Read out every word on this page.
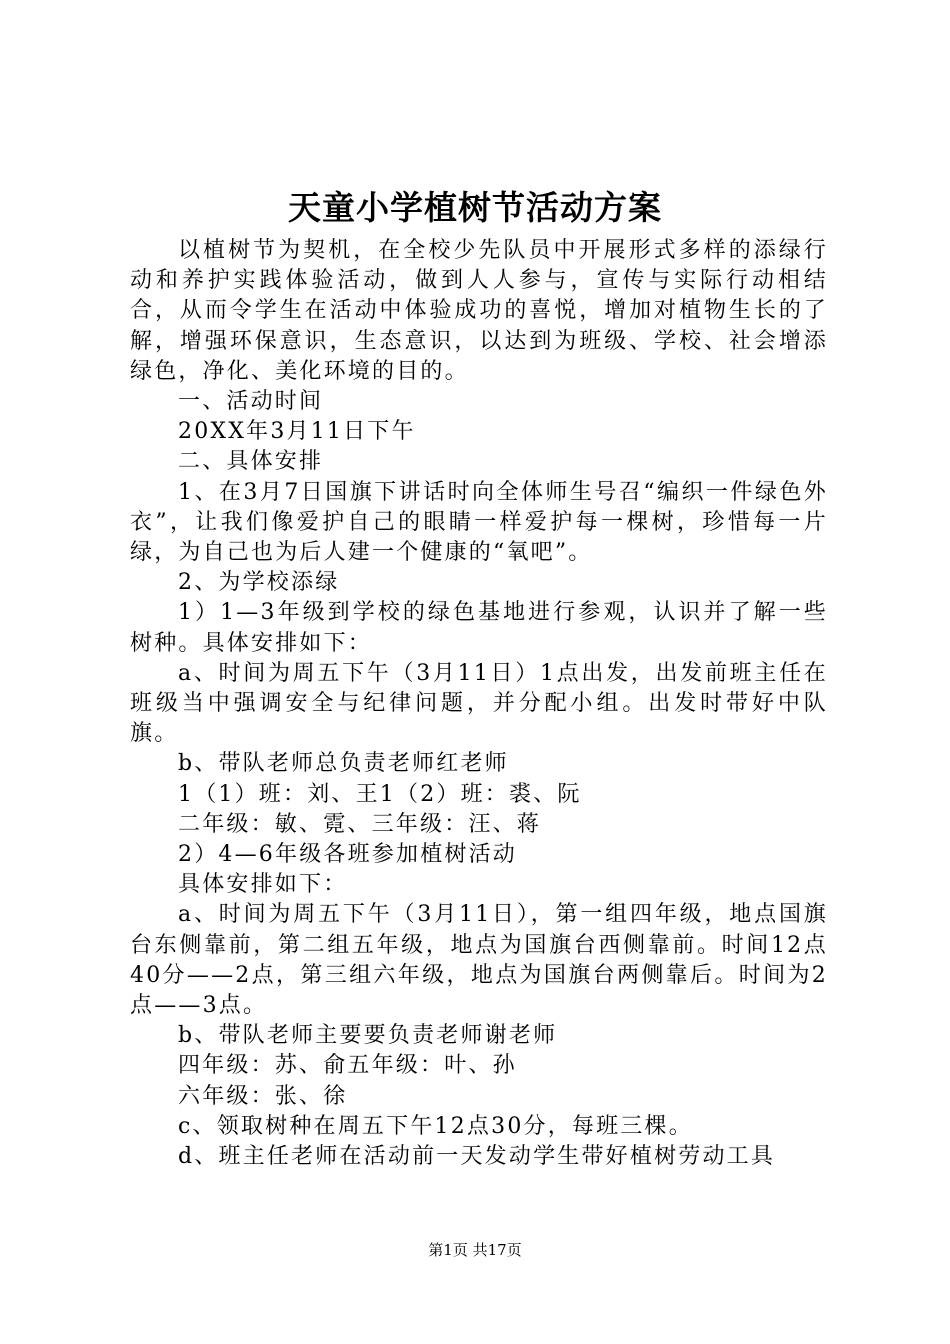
天童小学植树节活动方案

以植树节为契机，在全校少先队员中开展形式多样的添绿行动和养护实践体验活动，做到人人参与，宣传与实际行动相结合，从而令学生在活动中体验成功的喜悦，增加对植物生长的了解，增强环保意识，生态意识，以达到为班级、学校、社会增添绿色，净化、美化环境的目的。

一、活动时间

20XX年3月11日下午

二、具体安排

1、在3月7日国旗下讲话时向全体师生号召“编织一件绿色外衣”，让我们像爱护自己的眼睛一样爱护每一棵树，珍惜每一片绿，为自己也为后人建一个健康的“氧吧”。

2、为学校添绿

1）1—3年级到学校的绿色基地进行参观，认识并了解一些树种。具体安排如下：

a、时间为周五下午（3月11日）1点出发，出发前班主任在班级当中强调安全与纪律问题，并分配小组。出发时带好中队旗。

b、带队老师总负责老师红老师

1（1）班：刘、王1（2）班：裘、阮

二年级：敏、霓、三年级：汪、蒋

2）4—6年级各班参加植树活动

具体安排如下：

a、时间为周五下午（3月11日），第一组四年级，地点国旗台东侧靠前，第二组五年级，地点为国旗台西侧靠前。时间12点40分——2点，第三组六年级，地点为国旗台两侧靠后。时间为2点——3点。

b、带队老师主要要负责老师谢老师

四年级：苏、俞五年级：叶、孙

六年级：张、徐

c、领取树种在周五下午12点30分，每班三棵。

d、班主任老师在活动前一天发动学生带好植树劳动工具

第1页 共17页
